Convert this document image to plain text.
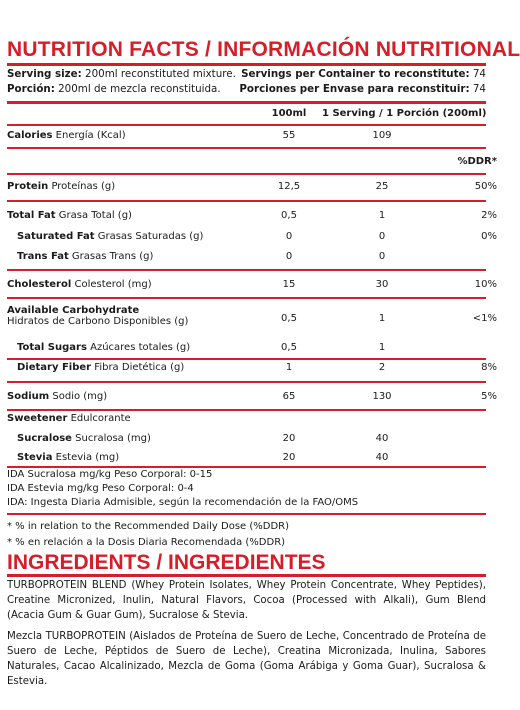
NUTRITION FACTS / INFORMACIÓN NUTRITIONAL
Serving size: 200ml reconstituted mixture. Servings per Container to reconstitute: 74
Porción: 200ml de mezcla reconstituida. Porciones per Envase para reconstituir: 74
100ml	1 Serving / 1 Porción (200ml)
Calories Energía (Kcal)	55	109
%DDR*
Protein Proteínas (g)	12,5	25	50%
Total Fat Grasa Total (g)	0,5	1	2%
Saturated Fat Grasas Saturadas (g)	0	0	0%
Trans Fat Grasas Trans (g)	0	0
Cholesterol Colesterol (mg)	15	30	10%
Available Carbohydrate
Hidratos de Carbono Disponibles (g)	0,5	1	<1%
Total Sugars Azúcares totales (g)	0,5	1
Dietary Fiber Fibra Dietética (g)	1	2	8%
Sodium Sodio (mg)	65	130	5%
Sweetener Edulcorante
Sucralose Sucralosa (mg)	20	40
Stevia Estevia (mg)	20	40
IDA Sucralosa mg/kg Peso Corporal: 0-15
IDA Estevia mg/kg Peso Corporal: 0-4
IDA: Ingesta Diaria Admisible, según la recomendación de la FAO/OMS
* % in relation to the Recommended Daily Dose (%DDR)
* % en relación a la Dosis Diaria Recomendada (%DDR)
INGREDIENTS / INGREDIENTES
TURBOPROTEIN BLEND (Whey Protein Isolates, Whey Protein Concentrate, Whey Peptides), Creatine Micronized, Inulin, Natural Flavors, Cocoa (Processed with Alkali), Gum Blend (Acacia Gum & Guar Gum), Sucralose & Stevia.
Mezcla TURBOPROTEIN (Aislados de Proteína de Suero de Leche, Concentrado de Proteína de Suero de Leche, Péptidos de Suero de Leche), Creatina Micronizada, Inulina, Sabores Naturales, Cacao Alcalinizado, Mezcla de Goma (Goma Arábiga y Goma Guar), Sucralosa & Estevia.
